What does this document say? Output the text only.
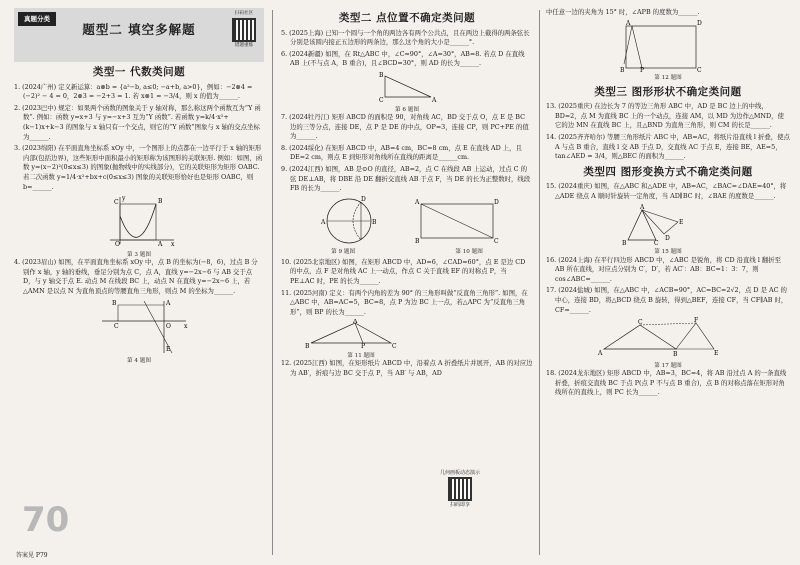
真题分类
题型二 填空多解题
扫码社区
错题重练
类型一 代数类问题

1. (2024广州) 定义新运算：a⊗b = {a²−b, a≤0; −a+b, a>0}，例如：−2⊗4 = (−2)² − 4 = 0，2⊗3 = −2+3 = 1. 若 x⊗1 = −3/4，则 x 的值为______.

2. (2023巴中) 规定：如果两个函数的图象关于 y 轴对称，那么称这两个函数互为“Y 函数”. 例如：函数 y=x+3 与 y=−x+3 互为“Y 函数”. 若函数 y=k/4·x²+(k−1)x+k−3 的图象与 x 轴只有一个交点，则它的“Y 函数”图象与 x 轴的交点坐标为______.

3. (2023绵阳) 在平面直角坐标系 xOy 中，一个图形上的点都在一边平行于 x 轴的矩形内部(包括边界)，这些矩形中面积最小的矩形称为该图形的关联矩形. 例如：如图，函数 y=(x−2)²(0≤x≤3) 的图象(抛物线中的实线部分)，它的关联矩形为矩形 OABC. 若二次函数 y=1/4·x²+bx+c(0≤x≤3) 图象的关联矩形恰好也是矩形 OABC，则 b=______.

O	A
B
C
x
y
第 3 题图

4. (2023眉山) 如图，在平面直角坐标系 xOy 中，点 B 的坐标为(−8，6)，过点 B 分别作 x 轴，y 轴的垂线，垂足分别为点 C，点 A，直线 y=−2x−6 与 AB 交于点 D，与 y 轴交于点 E. 动点 M 在线段 BC 上，动点 N 在直线 y=−2x−6 上，若△AMN 是以点 N 为直角顶点的等腰直角三角形，则点 M 的坐标为______.

C
B	A
O x
E
第 4 题图
70
答案见 P79
类型二 点位置不确定类问题

5. (2025上海) 已知一个圆与一个角的两边各有两个公共点，且在两边上截得的两条弦长分别是该圆内接正五边形的两条边，那么这个角的大小是______°.

6. (2024新疆) 如图，在 Rt△ABC 中，∠C=90°，∠A=30°，AB=8. 若点 D 在直线 AB 上(不与点 A，B 重合)，且∠BCD=30°，则 AD 的长为______.

B
C	A
第 6 题图

7. (2024牡丹江) 矩形 ABCD 的面积是 90，对角线 AC，BD 交于点 O，点 E 是 BC 边的三等分点，连接 DE，点 P 是 DE 的中点，OP=3，连接 CP，则 PC+PE 的值为______.

8. (2024绥化) 在矩形 ABCD 中，AB=4 cm，BC=8 cm，点 E 在直线 AD 上，且 DE=2 cm，则点 E 到矩形对角线所在直线的距离是______cm.

9. (2024江西) 如图，AB 是⊙O 的直径，AB=2，点 C 在线段 AB 上运动，过点 C 的弦 DE⊥AB，将 DBE 沿 DE 翻折交直线 AB 于点 F，当 DE 的长为正整数时，线段 FB 的长为______.

A	B
D	A	D
B	C
第 9 题图	第 10 题图

10. (2025北京地区) 如图，在矩形 ABCD 中，AD=6，∠CAD=60°，点 E 是边 CD 的中点，点 F 是对角线 AC 上一动点，作点 C 关于直线 EF 的对称点 P，当 PE⊥AC 时，PE 的长为______.

11. (2025河南) 定义：有两个内角的差为 90° 的三角形叫做“反直角三角形”. 如图，在△ABC 中，AB=AC=5，BC=8，点 P 为边 BC 上一点，若△APC 为“反直角三角形”，则 BP 的长为______.

B
A
P	C
第 11 题图

12. (2025江西) 如图，在矩形纸片 ABCD 中，沿着点 A 折叠纸片并展开，AB 的对应边为 AB′，折痕与边 BC 交于点 P，当 AB′ 与 AB，AD

几何画板动态演示
扫码即享

中任意一边的夹角为 15° 时，∠APB 的度数为______.

A	D
B	P	C
第 12 题图
类型三 图形形状不确定类问题

13. (2025重庆) 在边长为 7 的等边三角形 ABC 中，AD 是 BC 边上的中线，BD=2，点 M 为直线 BC 上的一个动点，连接 AM，以 MD 为边作△MND，使它的边 MN 在直线 BC 上，且△BND 为直角三角形，则 CM 的长是______.

14. (2025齐齐哈尔) 等腰三角形纸片 ABC 中，AB=AC，将纸片沿直线 l 折叠，使点 A 与点 B 重合，直线 l 交 AB 于点 D，交直线 AC 于点 E，连接 BE，AE=5，tan∠AED = 3/4，则△BEC 的面积为______.

类型四 图形变换方式不确定类问题

15. (2024重庆) 如图，在△ABC 和△ADE 中，AB=AC，∠BAC=∠DAE=40°，将△ADE 绕点 A 顺时针旋转一定角度，当 AD∥BC 时，∠BAE 的度数是______.

A
B	C
D
E
第 15 题图

16. (2024上海) 在平行四边形 ABCD 中，∠ABC 是锐角，将 CD 沿直线 l 翻折至 AB 所在直线，对应点分别为 C′，D′，若 AC′：AB：BC=1：3：7，则 cos∠ABC=______.

17. (2024盐城) 如图，在△ABC 中，∠ACB=90°，AC=BC=2√2，点 D 是 AC 的中心，连接 BD，将△BCD 绕点 B 旋转，得到△BEF，连接 CF，当 CF∥AB 时，CF=______.

A	B
C	F
E
第 17 题图

18. (2024龙东地区) 矩形 ABCD 中，AB=3，BC=4，将 AB 沿过点 A 的一条直线折叠，折痕交直线 BC 于点 P(点 P 不与点 B 重合)，点 B 的对称点落在矩形对角线所在的直线上，则 PC 长为______.
